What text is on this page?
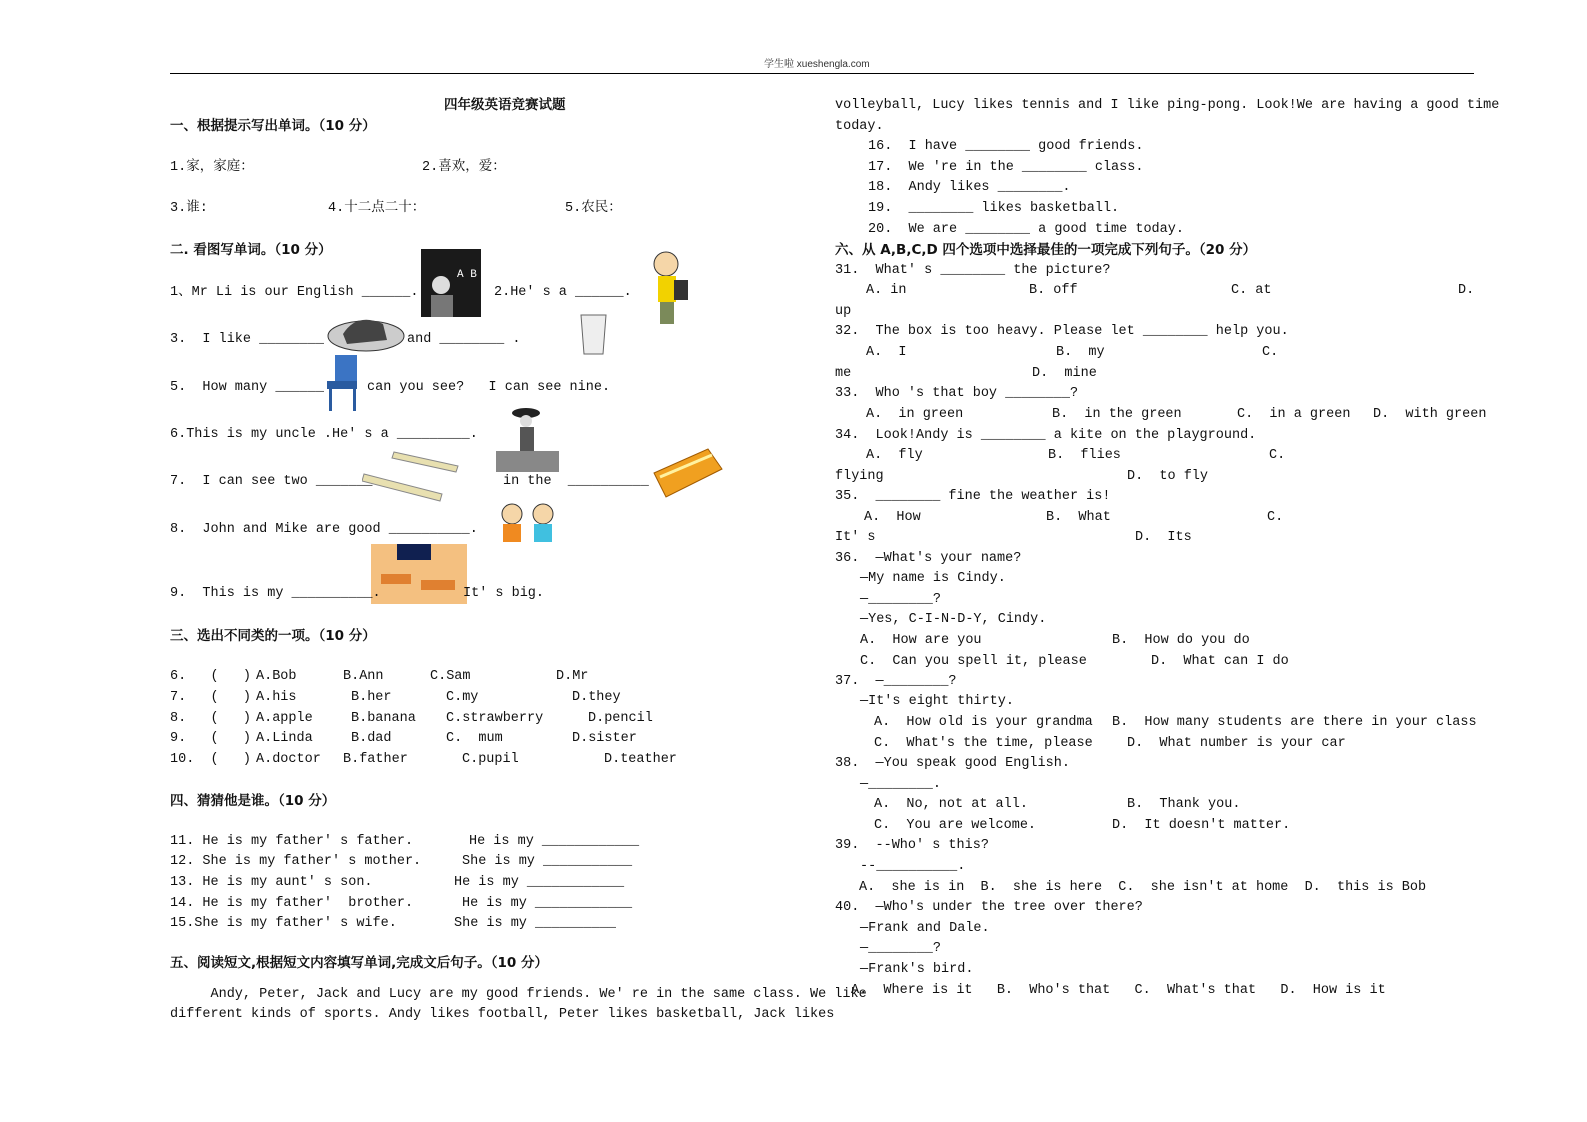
学生啦 xueshengla.com
A B
四年级英语竞赛试题
一、根据提示写出单词。（10 分）
1.家，家庭：	2.喜欢，爱：
3.谁:	4.十二点二十：	5.农民：
二. 看图写单词。（10 分）
1、Mr Li is our English ______.	2.He' s a ______.
3.  I like ________	and ________ .
5.  How many ______	can you see?   I can see nine.
6.This is my uncle .He' s a _________.
7.  I can see two _______	in the  __________
8.  John and Mike are good __________.
9.  This is my __________.	It' s big.
三、选出不同类的一项。（10 分）
四、猜猜他是谁。（10 分）
五、阅读短文,根据短文内容填写单词,完成文后句子。（10 分）
Andy, Peter, Jack and Lucy are my good friends. We' re in the same class. We like
different kinds of sports. Andy likes football, Peter likes basketball, Jack likes
volleyball, Lucy likes tennis and I like ping-pong. Look!We are having a good time
today.
16.  I have ________ good friends.
17.  We 're in the ________ class.
18.  Andy likes ________.
19.  ________ likes basketball.
20.  We are ________ a good time today.
六、从 A,B,C,D 四个选项中选择最佳的一项完成下列句子。（20 分）
31.  What' s ________ the picture?
A. in	B. off	C. at	D.
up
32.  The box is too heavy. Please let ________ help you.
A.  I	B.  my	C.
me	D.  mine
33.  Who 's that boy ________?
A.  in green	B.  in the green	C.  in a green D.  with green
34.  Look!Andy is ________ a kite on the playground.
A.  fly	B.  flies	C.
flying	D.  to fly
35.  ________ fine the weather is!
A.  How	B.  What	C.
It' s	D.  Its
36.  —What's your name?
—My name is Cindy.
—________?
—Yes, C-I-N-D-Y, Cindy.
A.  How are you	B.  How do you do
C.  Can you spell it, please	D.  What can I do
37.  —________?
—It's eight thirty.
A.  How old is your grandma B.  How many students are there in your class
C.  What's the time, please	D.  What number is your car
38.  —You speak good English.
—________.
A.  No, not at all.	B.  Thank you.
C.  You are welcome.	D.  It doesn't matter.
39.  --Who' s this?
--__________.
A.  she is in  B.  she is here  C.  she isn't at home  D.  this is Bob
40.  —Who's under the tree over there?
—Frank and Dale.
—________?
—Frank's bird.
A.  Where is it   B.  Who's that   C.  What's that   D.  How is it
6.   (   ) A.Bob	B.Ann	C.Sam	D.Mr
7.   (   ) A.his	B.her	C.my	D.they
8.   (   ) A.apple	B.banana C.strawberry	D.pencil
9.   (   ) A.Linda	B.dad	C.  mum	D.sister
10.  (   ) A.doctor B.father	C.pupil	D.teather
11. He is my father' s father.	He is my ____________
12. She is my father' s mother.	She is my ___________
13. He is my aunt' s son.	He is my ____________
14. He is my father'  brother.	He is my ____________
15.She is my father' s wife.	She is my __________
